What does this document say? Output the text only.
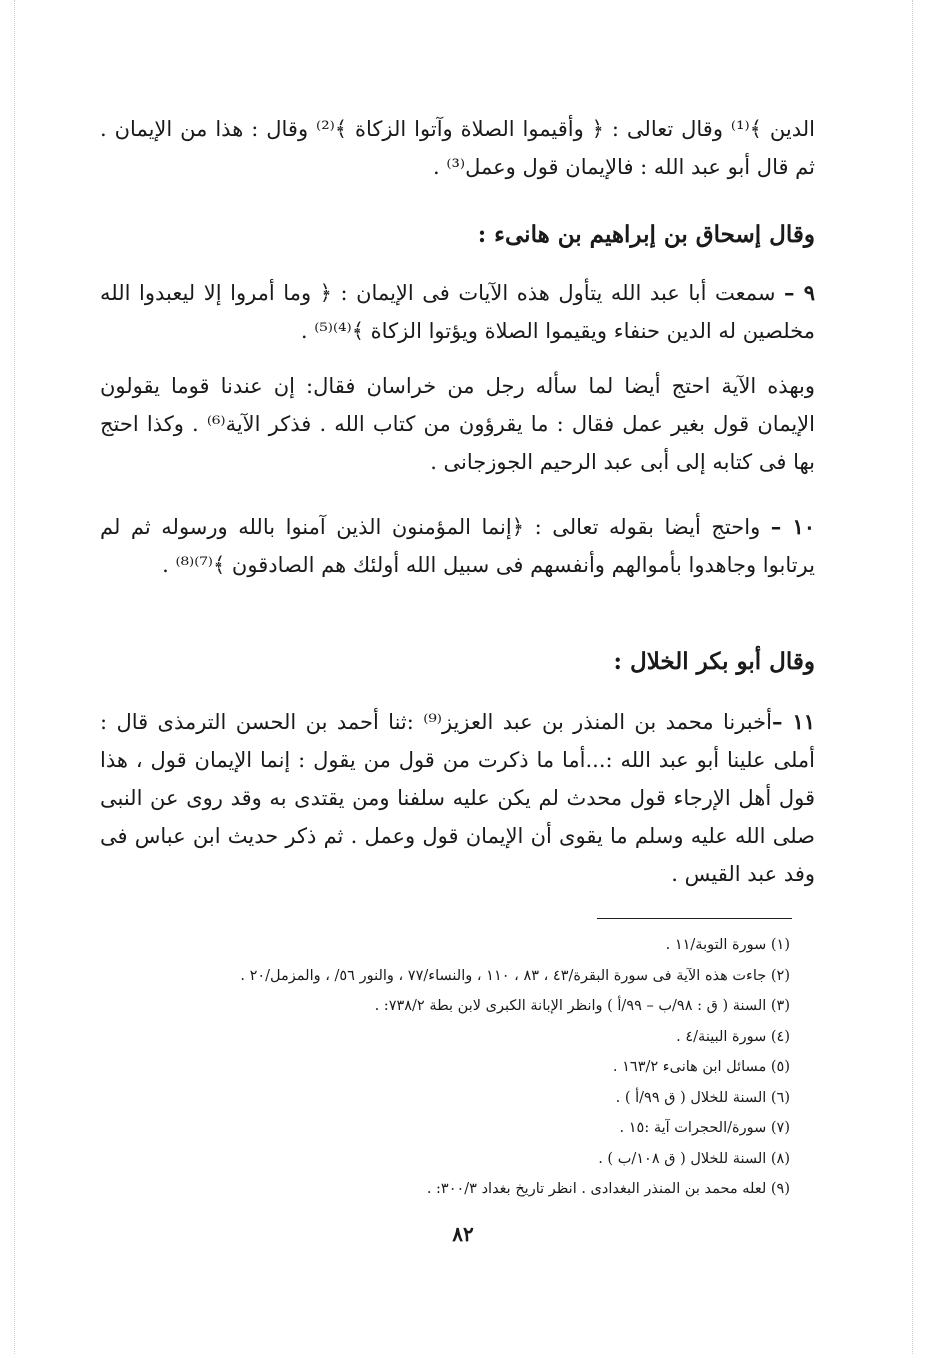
الدين ﴾⁽¹⁾ وقال تعالى : ﴿ وأقيموا الصلاة وآتوا الزكاة ﴾⁽²⁾ وقال : هذا من الإيمان . ثم قال أبو عبد الله : فالإيمان قول وعمل⁽³⁾ .

وقال إسحاق بن إبراهيم بن هانىء :

٩ – سمعت أبا عبد الله يتأول هذه الآيات فى الإيمان : ﴿ وما أمروا إلا ليعبدوا الله مخلصين له الدين حنفاء ويقيموا الصلاة ويؤتوا الزكاة ﴾⁽⁴⁾⁽⁵⁾ .

وبهذه الآية احتج أيضا لما سأله رجل من خراسان فقال: إن عندنا قوما يقولون الإيمان قول بغير عمل فقال : ما يقرؤون من كتاب الله . فذكر الآية⁽⁶⁾ . وكذا احتج بها فى كتابه إلى أبى عبد الرحيم الجوزجانى .

١٠ – واحتج أيضا بقوله تعالى : ﴿إنما المؤمنون الذين آمنوا بالله ورسوله ثم لم يرتابوا وجاهدوا بأموالهم وأنفسهم فى سبيل الله أولئك هم الصادقون ﴾⁽⁷⁾⁽⁸⁾ .

وقال أبو بكر الخلال :

١١ –أخبرنا محمد بن المنذر بن عبد العزيز⁽⁹⁾ :ثنا أحمد بن الحسن الترمذى قال : أملى علينا أبو عبد الله :...أما ما ذكرت من قول من يقول : إنما الإيمان قول ، هذا قول أهل الإرجاء قول محدث لم يكن عليه سلفنا ومن يقتدى به وقد روى عن النبى صلى الله عليه وسلم ما يقوى أن الإيمان قول وعمل . ثم ذكر حديث ابن عباس فى وفد عبد القيس .

(١) سورة التوبة/١١ .
(٢) جاءت هذه الآية فى سورة البقرة/٤٣ ، ٨٣ ، ١١٠ ، والنساء/٧٧ ، والنور ٥٦/ ، والمزمل/٢٠ .
(٣) السنة ( ق : ٩٨/ب – ٩٩/أ ) وانظر الإبانة الكبرى لابن بطة ٧٣٨/٢: .
(٤) سورة البينة/٤ .
(٥) مسائل ابن هانىء ١٦٣/٢ .
(٦) السنة للخلال ( ق ٩٩/أ ) .
(٧) سورة/الحجرات آية :١٥ .
(٨) السنة للخلال ( ق ١٠٨/ب ) .
(٩) لعله محمد بن المنذر البغدادى . انظر تاريخ بغداد ٣٠٠/٣: .
٨٢
